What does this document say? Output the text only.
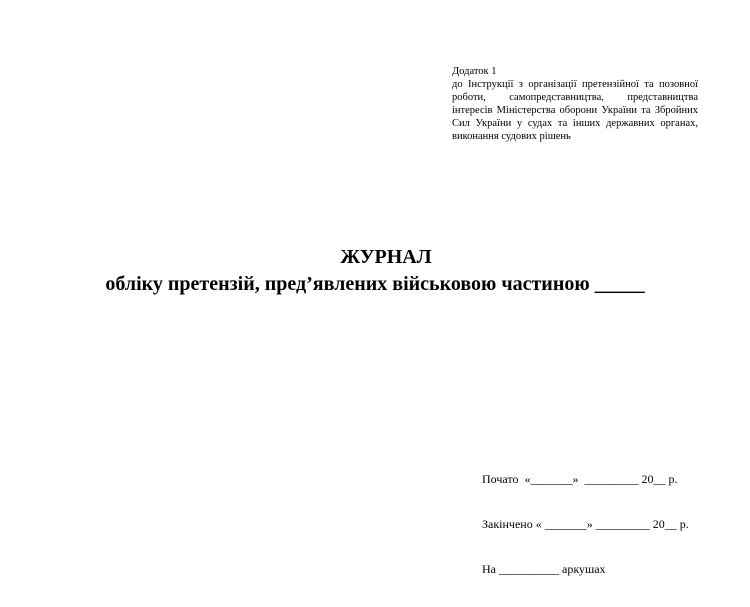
Додаток 1
до Інструкції з організації претензійної та позовної роботи, самопредставництва, представництва інтересів Міністерства оборони України та Збройних Сил України у судах та інших державних органах, виконання судових рішень
ЖУРНАЛ
обліку претензій, пред’явлених військовою частиною _____

Почато  «_______»  _________ 20__ р.

Закінчено « _______» _________ 20__ р.

На __________ аркушах
